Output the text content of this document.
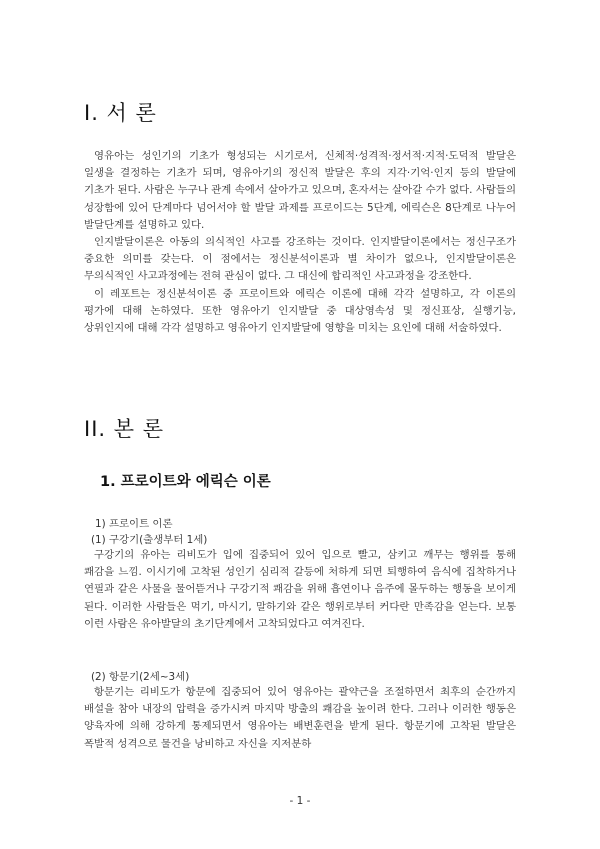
I. 서 론

영유아는 성인기의 기초가 형성되는 시기로서, 신체적·성격적·정서적·지적·도덕적 발달은 일생을 결정하는 기초가 되며, 영유아기의 정신적 발달은 후의 지각·기억·인지 등의 발달에 기초가 된다. 사람은 누구나 관계 속에서 살아가고 있으며, 혼자서는 살아갈 수가 없다. 사람들의 성장함에 있어 단계마다 넘어서야 할 발달 과제를 프로이드는 5단계, 에릭슨은 8단계로 나누어 발달단계를 설명하고 있다.

인지발달이론은 아동의 의식적인 사고를 강조하는 것이다. 인지발달이론에서는 정신구조가 중요한 의미를 갖는다. 이 점에서는 정신분석이론과 별 차이가 없으나, 인지발달이론은 무의식적인 사고과정에는 전혀 관심이 없다. 그 대신에 합리적인 사고과정을 강조한다.

이 레포트는 정신분석이론 중 프로이트와 에릭슨 이론에 대해 각각 설명하고, 각 이론의 평가에 대해 논하였다. 또한 영유아기 인지발달 중 대상영속성 및 정신표상, 실행기능, 상위인지에 대해 각각 설명하고 영유아기 인지발달에 영향을 미치는 요인에 대해 서술하였다.

II. 본 론
1. 프로이트와 에릭슨 이론
1) 프로이트 이론
(1) 구강기(출생부터 1세)

구강기의 유아는 리비도가 입에 집중되어 있어 입으로 빨고, 삼키고 깨무는 행위를 통해 쾌감을 느낌. 이시기에 고착된 성인기 심리적 갈등에 처하게 되면 퇴행하여 음식에 집착하거나 연필과 같은 사물을 물어뜯거나 구강기적 쾌감을 위해 흡연이나 음주에 몰두하는 행동을 보이게 된다. 이러한 사람들은 먹기, 마시기, 말하기와 같은 행위로부터 커다란 만족감을 얻는다. 보통 이런 사람은 유아발달의 초기단계에서 고착되었다고 여겨진다.

(2) 항문기(2세~3세)

항문기는 리비도가 항문에 집중되어 있어 영유아는 괄약근을 조절하면서 최후의 순간까지 배설을 참아 내장의 압력을 증가시켜 마지막 방출의 쾌감을 높이려 한다. 그러나 이러한 행동은 양육자에 의해 강하게 통제되면서 영유아는 배변훈련을 받게 된다. 항문기에 고착된 발달은 폭발적 성격으로 물건을 낭비하고 자신을 지저분하

- 1 -
